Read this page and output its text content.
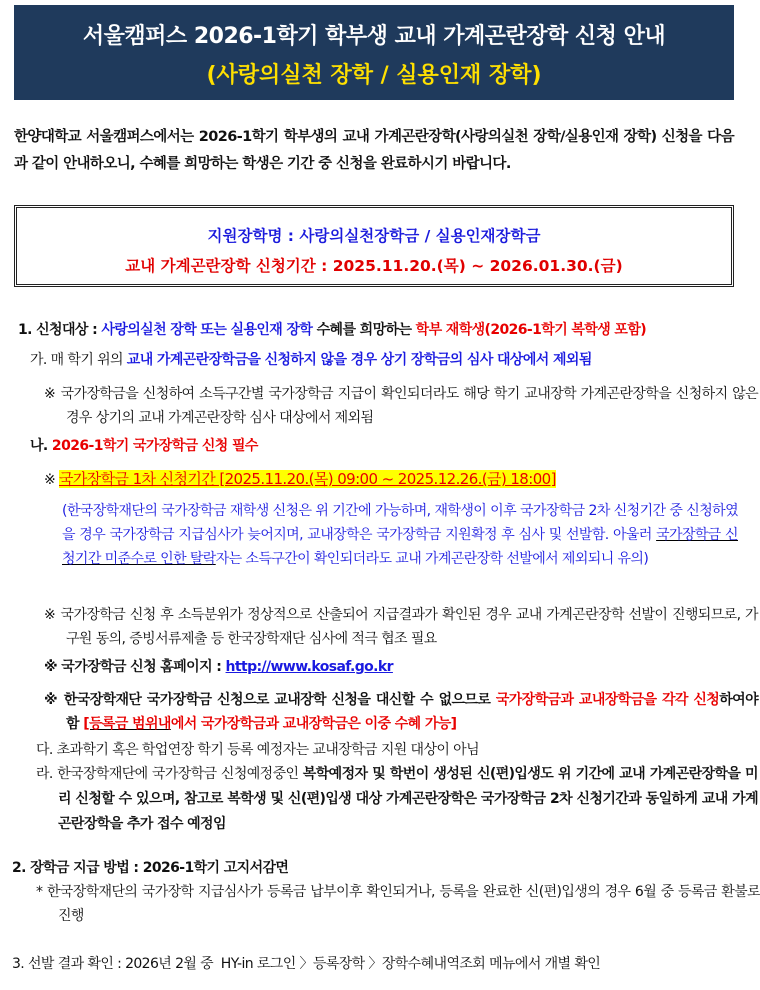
서울캠퍼스 2026-1학기 학부생 교내 가계곤란장학 신청 안내
(사랑의실천 장학 / 실용인재 장학)
한양대학교 서울캠퍼스에서는 2026-1학기 학부생의 교내 가계곤란장학(사랑의실천 장학/실용인재 장학) 신청을 다음과 같이 안내하오니, 수혜를 희망하는 학생은 기간 중 신청을 완료하시기 바랍니다.
지원장학명 : 사랑의실천장학금 / 실용인재장학금
교내 가계곤란장학 신청기간 : 2025.11.20.(목) ~ 2026.01.30.(금)
1. 신청대상 : 사랑의실천 장학 또는 실용인재 장학 수혜를 희망하는 학부 재학생(2026-1학기 복학생 포함)
가. 매 학기 위의 교내 가계곤란장학금을 신청하지 않을 경우 상기 장학금의 심사 대상에서 제외됨
※ 국가장학금을 신청하여 소득구간별 국가장학금 지급이 확인되더라도 해당 학기 교내장학 가계곤란장학을 신청하지 않은 경우 상기의 교내 가계곤란장학 심사 대상에서 제외됨
나. 2026-1학기 국가장학금 신청 필수
※ 국가장학금 1차 신청기간 [2025.11.20.(목) 09:00 ~ 2025.12.26.(금) 18:00]
(한국장학재단의 국가장학금 재학생 신청은 위 기간에 가능하며, 재학생이 이후 국가장학금 2차 신청기간 중 신청하였을 경우 국가장학금 지급심사가 늦어지며, 교내장학은 국가장학금 지원확정 후 심사 및 선발함. 아울러 국가장학금 신청기간 미준수로 인한 탈락자는 소득구간이 확인되더라도 교내 가계곤란장학 선발에서 제외되니 유의)
※ 국가장학금 신청 후 소득분위가 정상적으로 산출되어 지급결과가 확인된 경우 교내 가계곤란장학 선발이 진행되므로, 가구원 동의, 증빙서류제출 등 한국장학재단 심사에 적극 협조 필요
※ 국가장학금 신청 홈페이지 : http://www.kosaf.go.kr
※ 한국장학재단 국가장학금 신청으로 교내장학 신청을 대신할 수 없으므로 국가장학금과 교내장학금을 각각 신청하여야 함 [등록금 범위내에서 국가장학금과 교내장학금은 이중 수혜 가능]
다. 초과학기 혹은 학업연장 학기 등록 예정자는 교내장학금 지원 대상이 아님
라. 한국장학재단에 국가장학금 신청예정중인 복학예정자 및 학번이 생성된 신(편)입생도 위 기간에 교내 가계곤란장학을 미리 신청할 수 있으며, 참고로 복학생 및 신(편)입생 대상 가계곤란장학은 국가장학금 2차 신청기간과 동일하게 교내 가계곤란장학을 추가 접수 예정임
2. 장학금 지급 방법 : 2026-1학기 고지서감면
* 한국장학재단의 국가장학 지급심사가 등록금 납부이후 확인되거나, 등록을 완료한 신(편)입생의 경우 6월 중 등록금 환불로 진행
3. 선발 결과 확인 : 2026년 2월 중  HY-in 로그인 〉등록장학 〉장학수혜내역조회 메뉴에서 개별 확인
